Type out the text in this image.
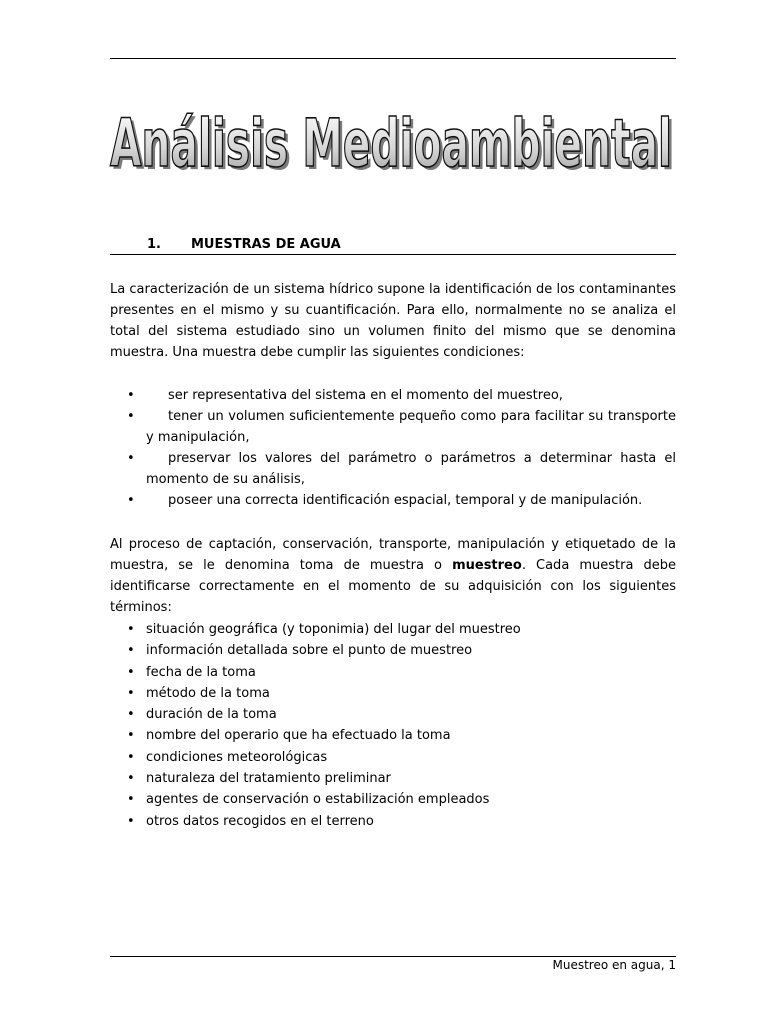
Análisis Medioambiental
Análisis Medioambiental
1. MUESTRAS DE AGUA

La caracterización de un sistema hídrico supone la identificación de los contaminantes presentes en el mismo y su cuantificación. Para ello, normalmente no se analiza el total del sistema estudiado sino un volumen finito del mismo que se denomina muestra. Una muestra debe cumplir las siguientes condiciones:

•	ser representativa del sistema en el momento del muestreo,
•	tener un volumen suficientemente pequeño como para facilitar su transporte y manipulación,
•	preservar los valores del parámetro o parámetros a determinar hasta el momento de su análisis,
•	poseer una correcta identificación espacial, temporal y de manipulación.

Al proceso de captación, conservación, transporte, manipulación y etiquetado de la muestra, se le denomina toma de muestra o muestreo. Cada muestra debe identificarse correctamente en el momento de su adquisición con los siguientes términos:

• situación geográfica (y toponimia) del lugar del muestreo
• información detallada sobre el punto de muestreo
• fecha de la toma
• método de la toma
• duración de la toma
• nombre del operario que ha efectuado la toma
• condiciones meteorológicas
• naturaleza del tratamiento preliminar
• agentes de conservación o estabilización empleados
• otros datos recogidos en el terreno
Muestreo en agua, 1
